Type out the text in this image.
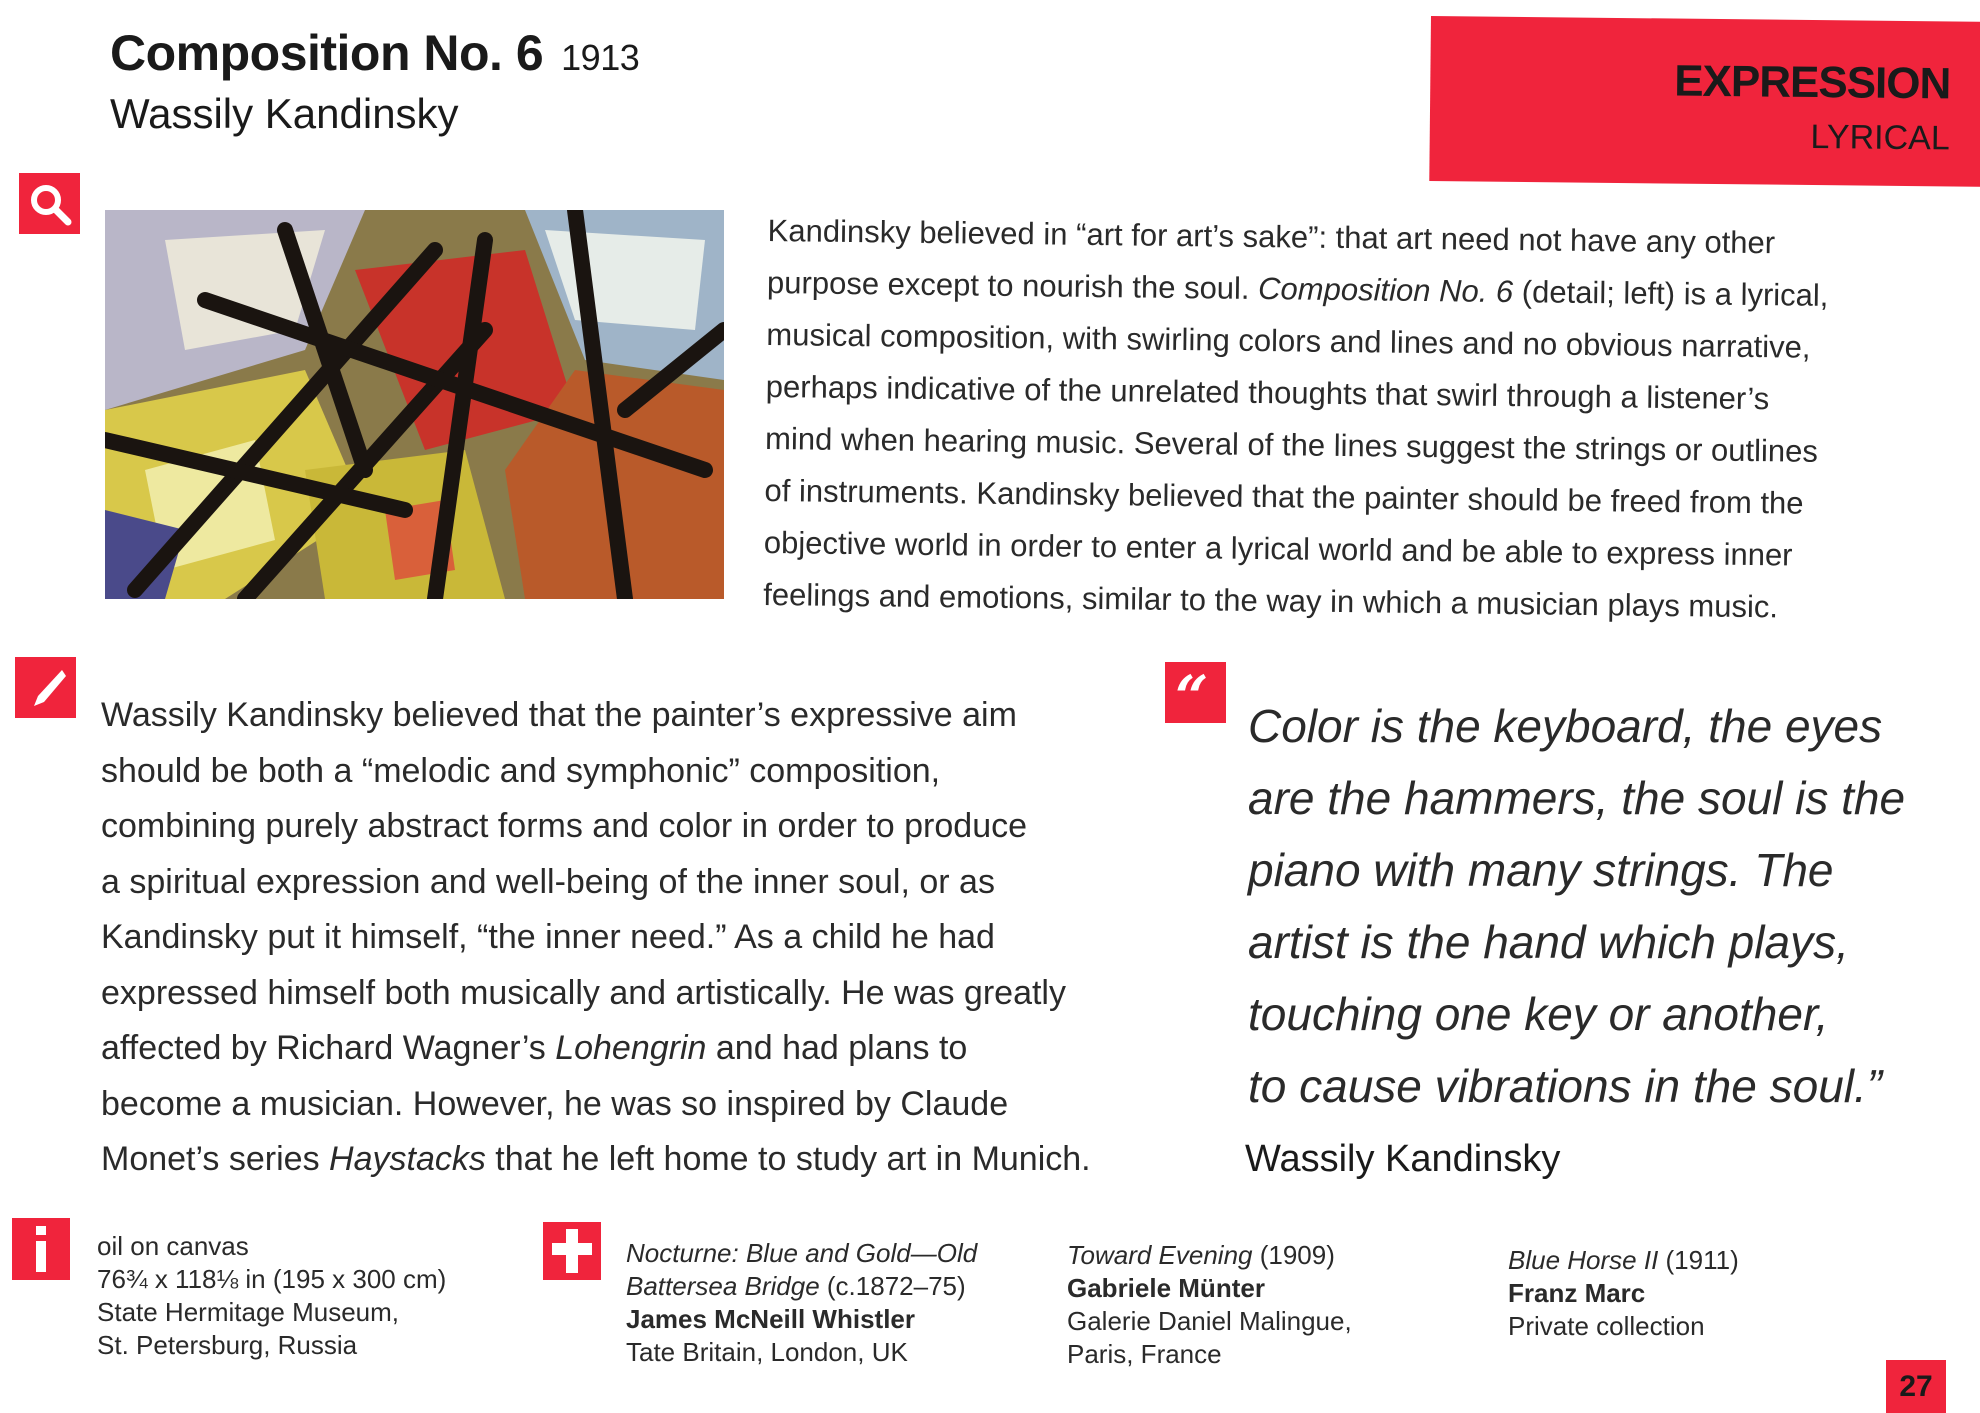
Composition No. 6 1913
Wassily Kandinsky
EXPRESSION
LYRICAL
Kandinsky believed in “art for art’s sake”: that art need not have any other
purpose except to nourish the soul. Composition No. 6 (detail; left) is a lyrical,
musical composition, with swirling colors and lines and no obvious narrative,
perhaps indicative of the unrelated thoughts that swirl through a listener’s
mind when hearing music. Several of the lines suggest the strings or outlines
of instruments. Kandinsky believed that the painter should be freed from the
objective world in order to enter a lyrical world and be able to express inner
feelings and emotions, similar to the way in which a musician plays music.
Wassily Kandinsky believed that the painter’s expressive aim
should be both a “melodic and symphonic” composition,
combining purely abstract forms and color in order to produce
a spiritual expression and well-being of the inner soul, or as
Kandinsky put it himself, “the inner need.” As a child he had
expressed himself both musically and artistically. He was greatly
affected by Richard Wagner’s Lohengrin and had plans to
become a musician. However, he was so inspired by Claude
Monet’s series Haystacks that he left home to study art in Munich.
“ Color is the keyboard, the eyes
are the hammers, the soul is the
piano with many strings. The
artist is the hand which plays,
touching one key or another,
to cause vibrations in the soul.”
Wassily Kandinsky
oil on canvas
76¾ x 118⅛ in (195 x 300 cm)
State Hermitage Museum,
St. Petersburg, Russia
Nocturne: Blue and Gold—Old
Battersea Bridge (c.1872–75)
James McNeill Whistler
Tate Britain, London, UK
Toward Evening (1909)
Gabriele Münter
Galerie Daniel Malingue,
Paris, France
Blue Horse II (1911)
Franz Marc
Private collection
27
